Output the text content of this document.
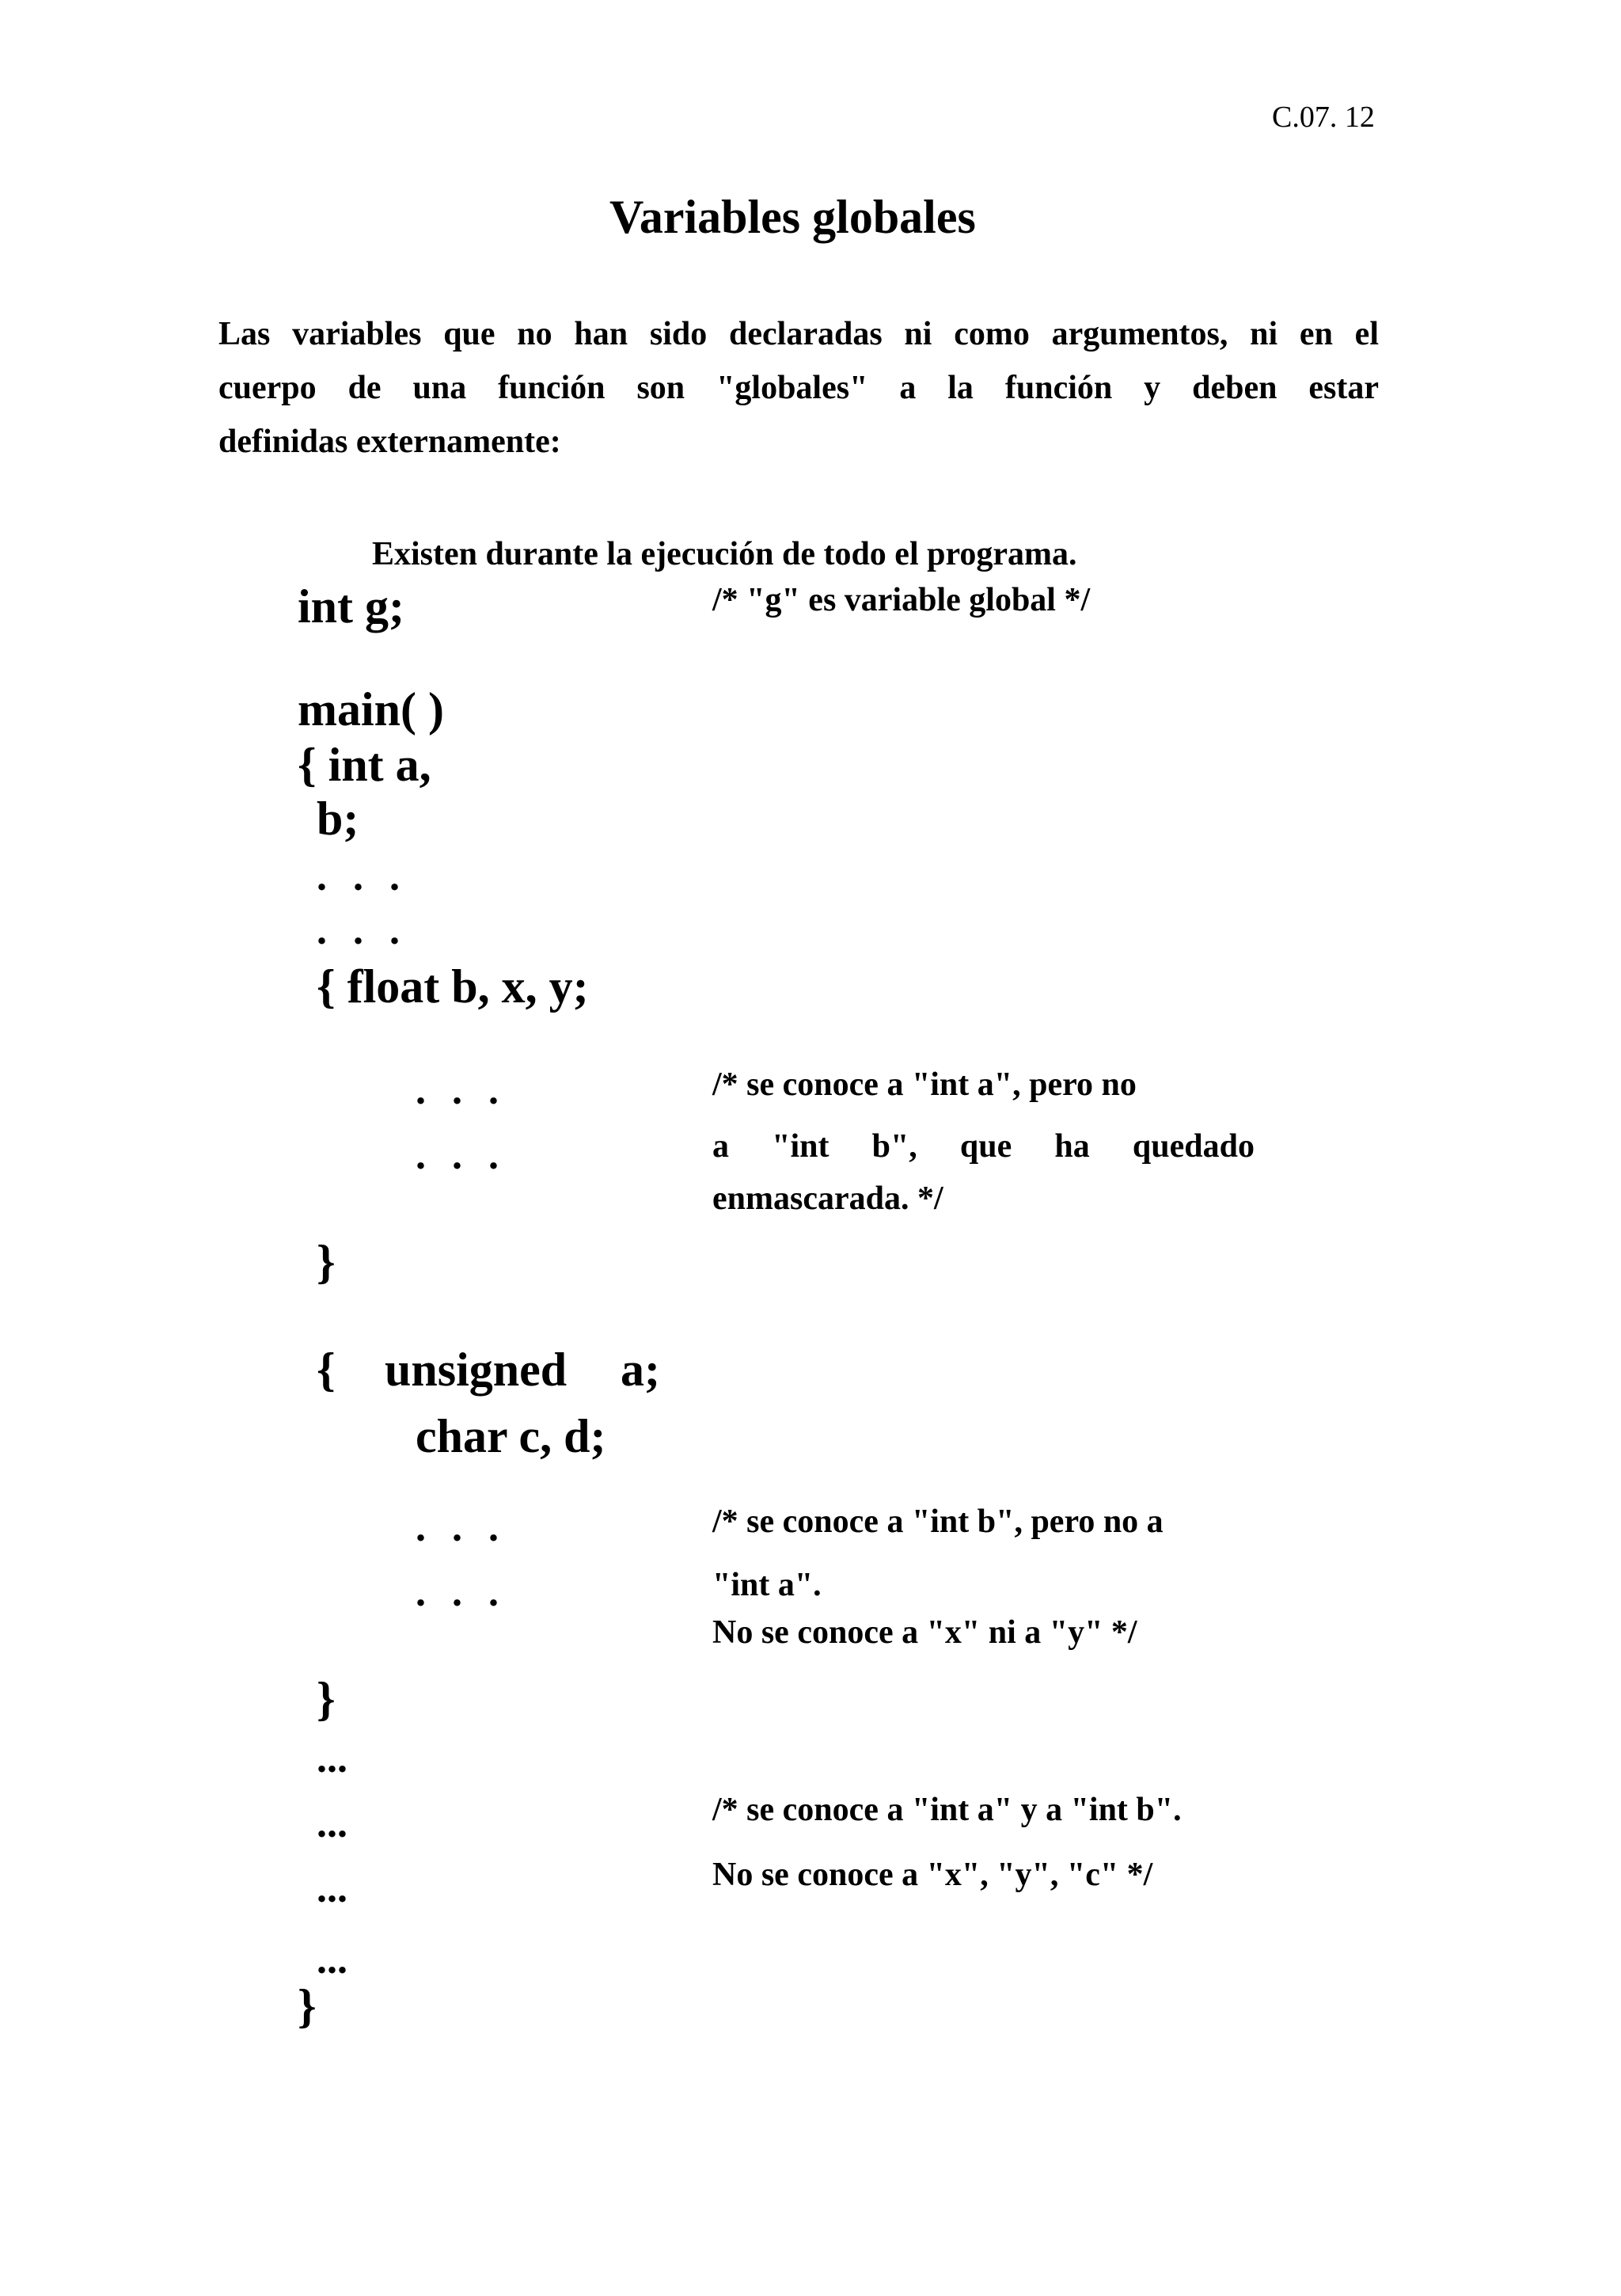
C.07. 12
Variables globales
Las variables que no han sido declaradas ni como argumentos, ni en el
cuerpo de una función son "globales" a la función y deben estar
definidas externamente:
Existen durante la ejecución de todo el programa.
int g;	/* "g" es variable global */
main( )
{ int a,
b;
. . .
. . .
{ float b, x, y;
. . .	/* se conoce a "int a", pero no
. . .	a "int b", que ha quedado
enmascarada. */
}
{ unsigned a;
char c, d;
. . .	/* se conoce a "int b", pero no a
. . .	"int a".
No se conoce a "x" ni a "y" */
}
...
...	/* se conoce a "int a" y a "int b".
...	No se conoce a "x", "y", "c" */
...
}
